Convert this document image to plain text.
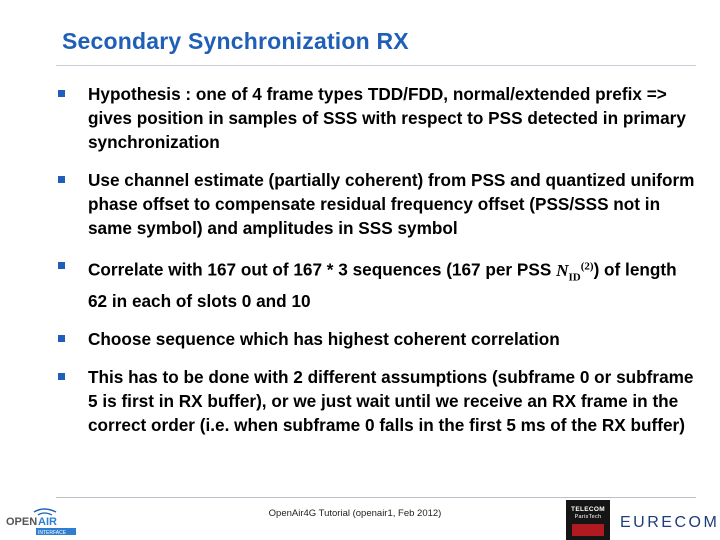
Secondary Synchronization RX
Hypothesis : one of 4 frame types TDD/FDD, normal/extended prefix => gives position in samples of SSS with respect to PSS detected in primary synchronization
Use channel estimate (partially coherent) from PSS and quantized uniform phase offset to compensate residual frequency offset (PSS/SSS not in same symbol) and amplitudes in SSS symbol
Correlate with 167 out of 167 * 3 sequences (167 per PSS $N_{ID}^{(2)}$) of length 62 in each of slots 0 and 10
Choose sequence which has highest coherent correlation
This has to be done with 2 different assumptions (subframe 0 or subframe 5 is first in RX buffer), or we just wait until we receive an RX frame in the correct order (i.e. when subframe 0 falls in the first 5 ms of the RX buffer)
OPEN AIR
INTERFACE
OpenAir4G Tutorial (openair1, Feb 2012)	TELECOM
ParisTech	EURECOM
